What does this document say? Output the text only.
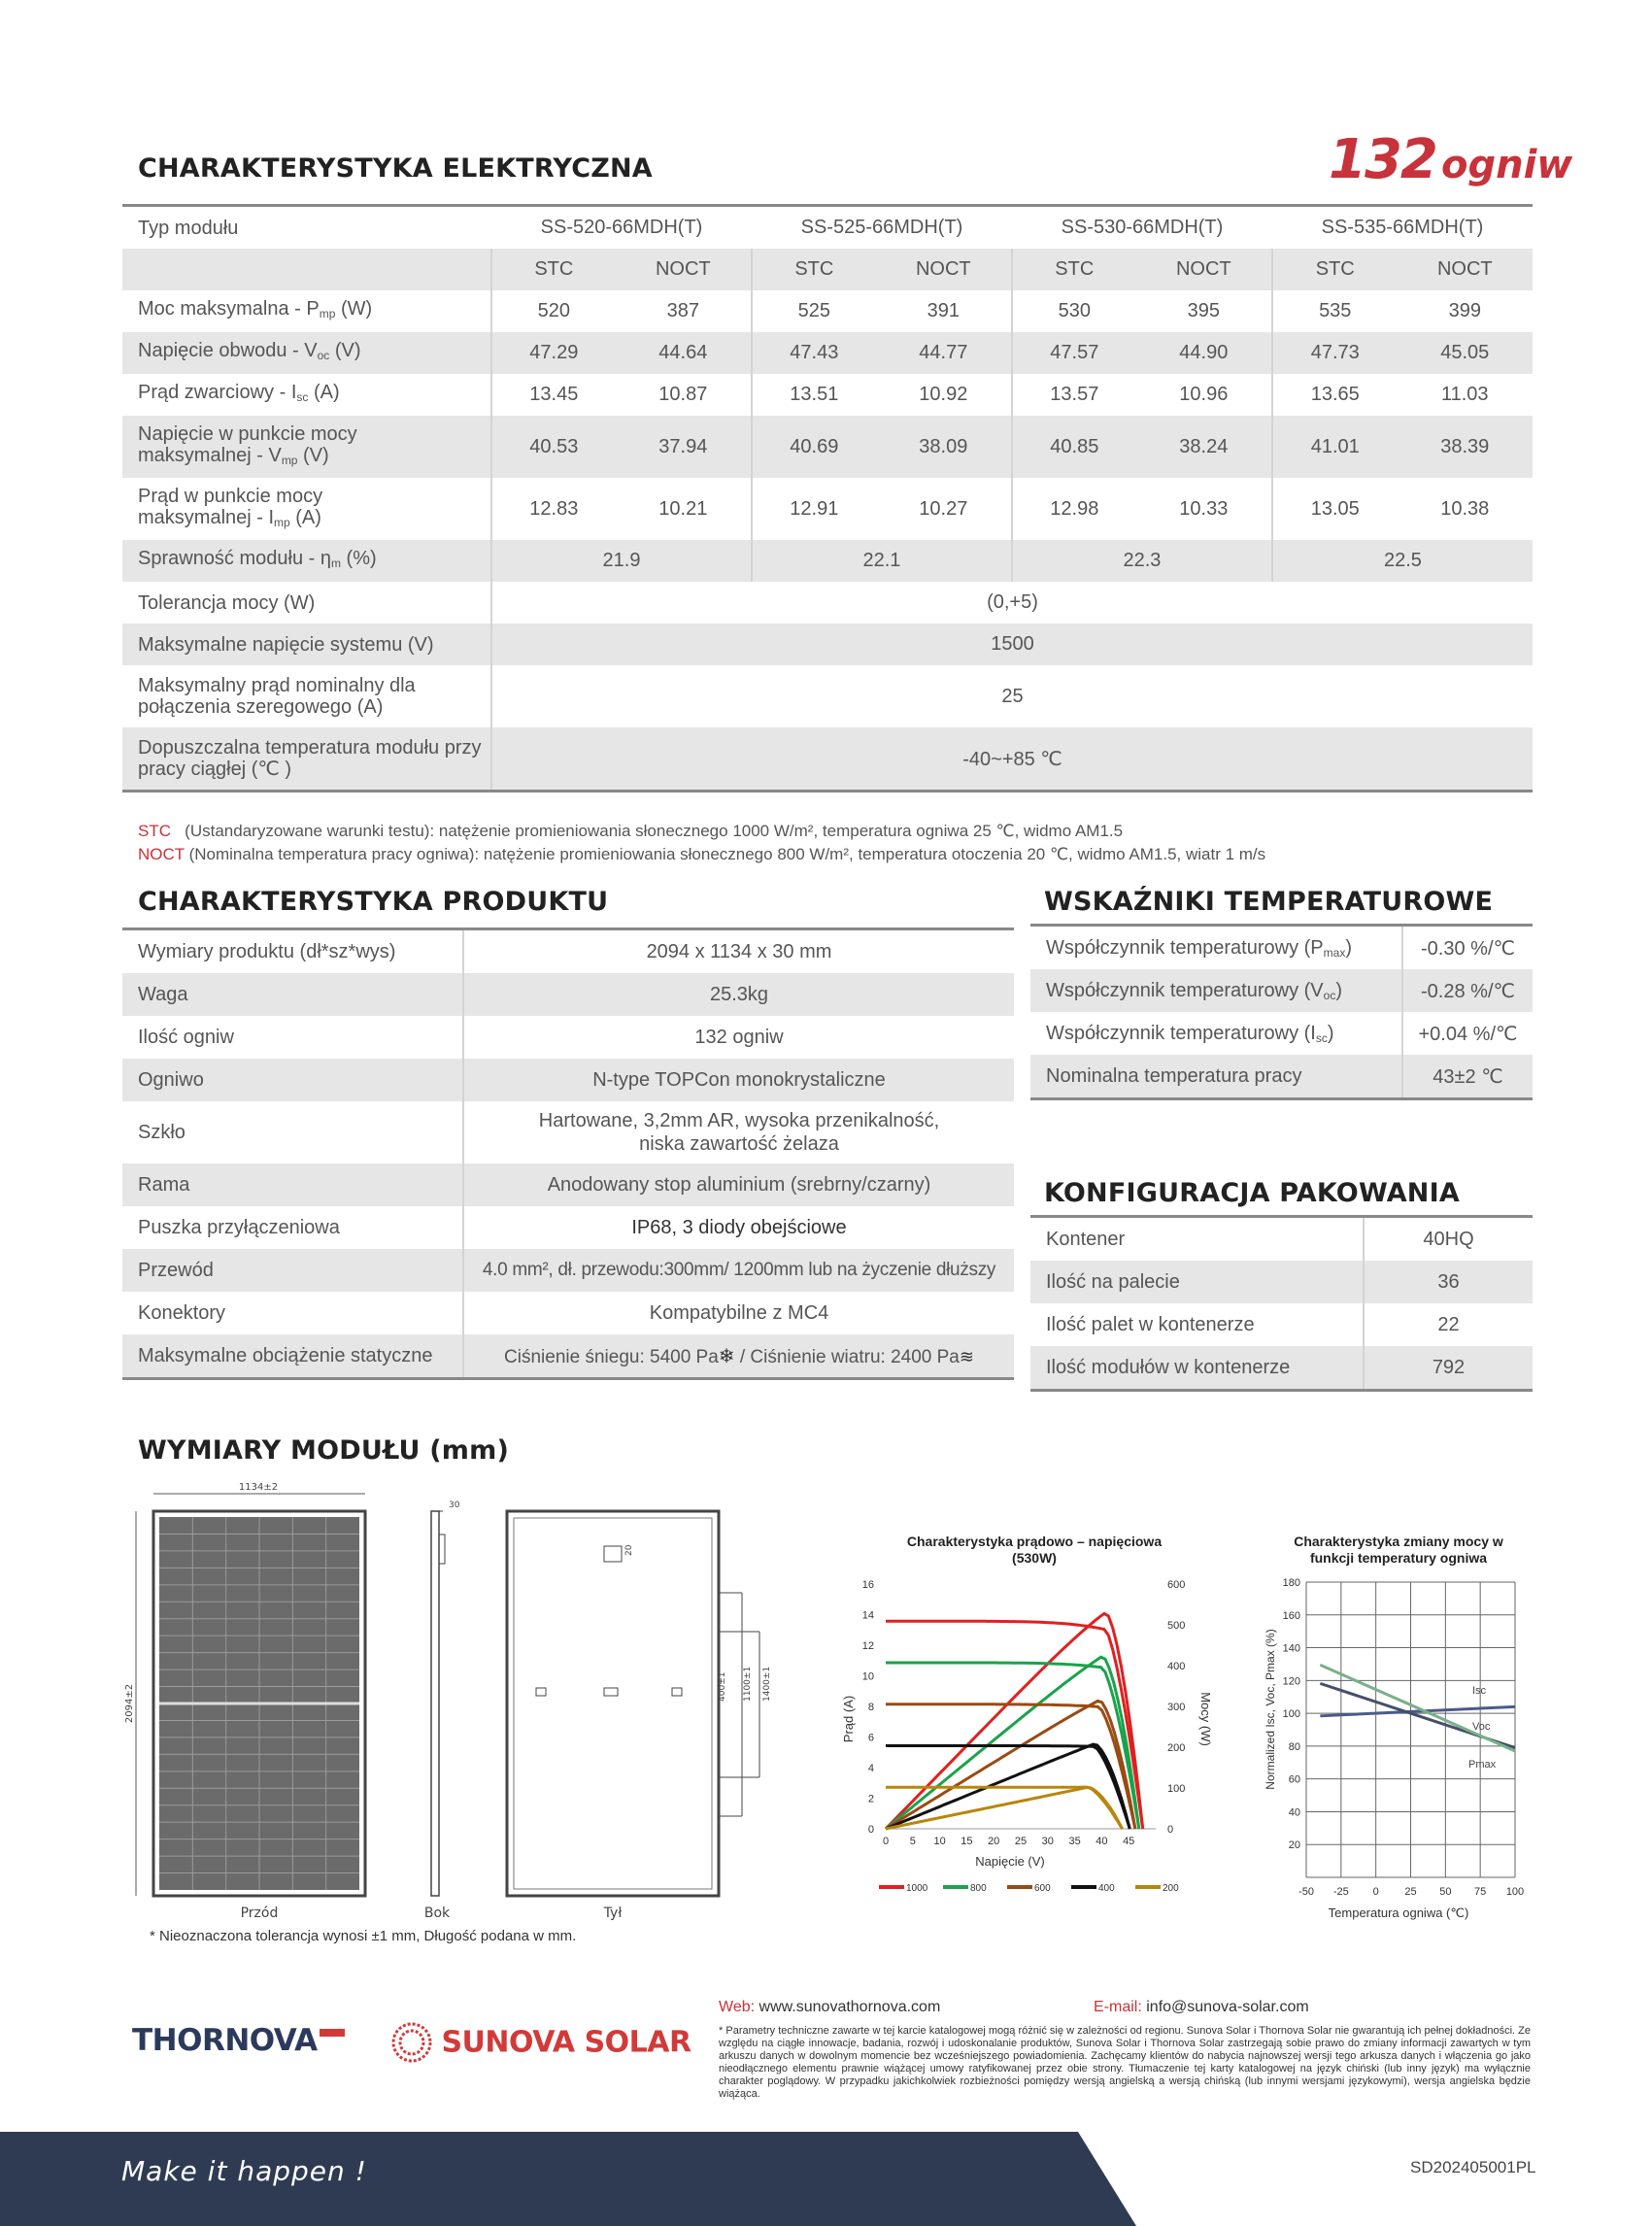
CHARAKTERYSTYKA ELEKTRYCZNA	132 ogniw
Typ modułu	SS-520-66MDH(T)		SS-525-66MDH(T)		SS-530-66MDH(T)		SS-535-66MDH(T)	
	STC	NOCT	STC	NOCT	STC	NOCT	STC	NOCT
Moc maksymalna - $P_{mp}$ (W)	520	387	525	391	530	395	535	399
Napięcie obwodu - $V_{oc}$ (V)	47.29	44.64	47.43	44.77	47.57	44.90	47.73	45.05
Prąd zwarciowy - $I_{sc}$ (A)	13.45	10.87	13.51	10.92	13.57	10.96	13.65	11.03
Napięcie w punkcie mocy
maksymalnej - $V_{mp}$ (V)	40.53	37.94	40.69	38.09	40.85	38.24	41.01	38.39
Prąd w punkcie mocy
maksymalnej - $I_{mp}$ (A)	12.83	10.21	12.91	10.27	12.98	10.33	13.05	10.38
Sprawność modułu - $\eta_m$ (%)	21.9		22.1		22.3		22.5	
Tolerancja mocy (W)	(0,+5)							
Maksymalne napięcie systemu (V)	1500							
Maksymalny prąd nominalny dla
połączenia szeregowego (A)	25							
Dopuszczalna temperatura modułu przy
pracy ciągłej (℃ )	-40~+85 ℃							
STC (Ustandaryzowane warunki testu): natężenie promieniowania słonecznego 1000 W/m², temperatura ogniwa 25 ℃, widmo AM1.5
NOCT (Nominalna temperatura pracy ogniwa): natężenie promieniowania słonecznego 800 W/m², temperatura otoczenia 20 ℃, widmo AM1.5, wiatr 1 m/s
CHARAKTERYSTYKA PRODUKTU
Wymiary produktu (dł*sz*wys)	2094 x 1134 x 30 mm
Waga	25.3kg
Ilość ogniw	132 ogniw
Ogniwo	N-type TOPCon monokrystaliczne
Szkło	Hartowane, 3,2mm AR, wysoka przenikalność, niska zawartość żelaza
Rama	Anodowany stop aluminium (srebrny/czarny)
Puszka przyłączeniowa	IP68, 3 diody obejściowe
Przewód	4.0 mm², dł. przewodu:300mm/ 1200mm lub na życzenie dłuższy
Konektory	Kompatybilne z MC4
Maksymalne obciążenie statyczne	Ciśnienie śniegu: 5400 Pa❄ / Ciśnienie wiatru: 2400 Pa≋
WSKAŹNIKI TEMPERATUROWE
Współczynnik temperaturowy $(P_{max})$	-0.30 %/℃
Współczynnik temperaturowy $(V_{oc})$	-0.28 %/℃
Współczynnik temperaturowy $(I_{sc})$	+0.04 %/℃
Nominalna temperatura pracy	43±2 ℃
KONFIGURACJA PAKOWANIA
Kontener	40HQ
Ilość na palecie	36
Ilość palet w kontenerze	22
Ilość modułów w kontenerze	792
WYMIARY MODUŁU (mm)
1134±2
2094±2
Przód
30
Bok
400±1 1100±1 1400±1
20
Tył
* Nieoznaczona tolerancja wynosi ±1 mm, Długość podana w mm.
Charakterystyka prądowo – napięciowa
(530W)
0 5 10 15 20 25 30 35 40 45
0
2
4
6
8
10
12
14
16
0
100
200
300
400
500
600
Prąd (A)	Mocy (W)
Napięcie (V)
1000	800	600	400	200
Charakterystyka zmiany mocy w
funkcji temperatury ogniwa
-50 -25 0 25 50 75 100
20
40
60
80
100
120
140
160
180
Isc
Voc
Pmax
Normalized Isc, Voc, Pmax (%)
Temperatura ogniwa (℃)
THORNOVA	SUNOVA SOLAR
Web: www.sunovathornova.com	E-mail: info@sunova-solar.com
* Parametry techniczne zawarte w tej karcie katalogowej mogą różnić się w zależności od regionu. Sunova Solar i Thornova Solar nie gwarantują ich pełnej dokładności. Ze względu na ciągłe innowacje, badania, rozwój i udoskonalanie produktów, Sunova Solar i Thornova Solar zastrzegają sobie prawo do zmiany informacji zawartych w tym arkuszu danych w dowolnym momencie bez wcześniejszego powiadomienia. Zachęcamy klientów do nabycia najnowszej wersji tego arkusza danych i włączenia go jako nieodłącznego elementu prawnie wiążącej umowy ratyfikowanej przez obie strony. Tłumaczenie tej karty katalogowej na język chiński (lub inny język) ma wyłącznie charakter poglądowy. W przypadku jakichkolwiek rozbieżności pomiędzy wersją angielską a wersją chińską (lub innymi wersjami językowymi), wersja angielska będzie wiążąca.
Make it happen !	SD202405001PL
